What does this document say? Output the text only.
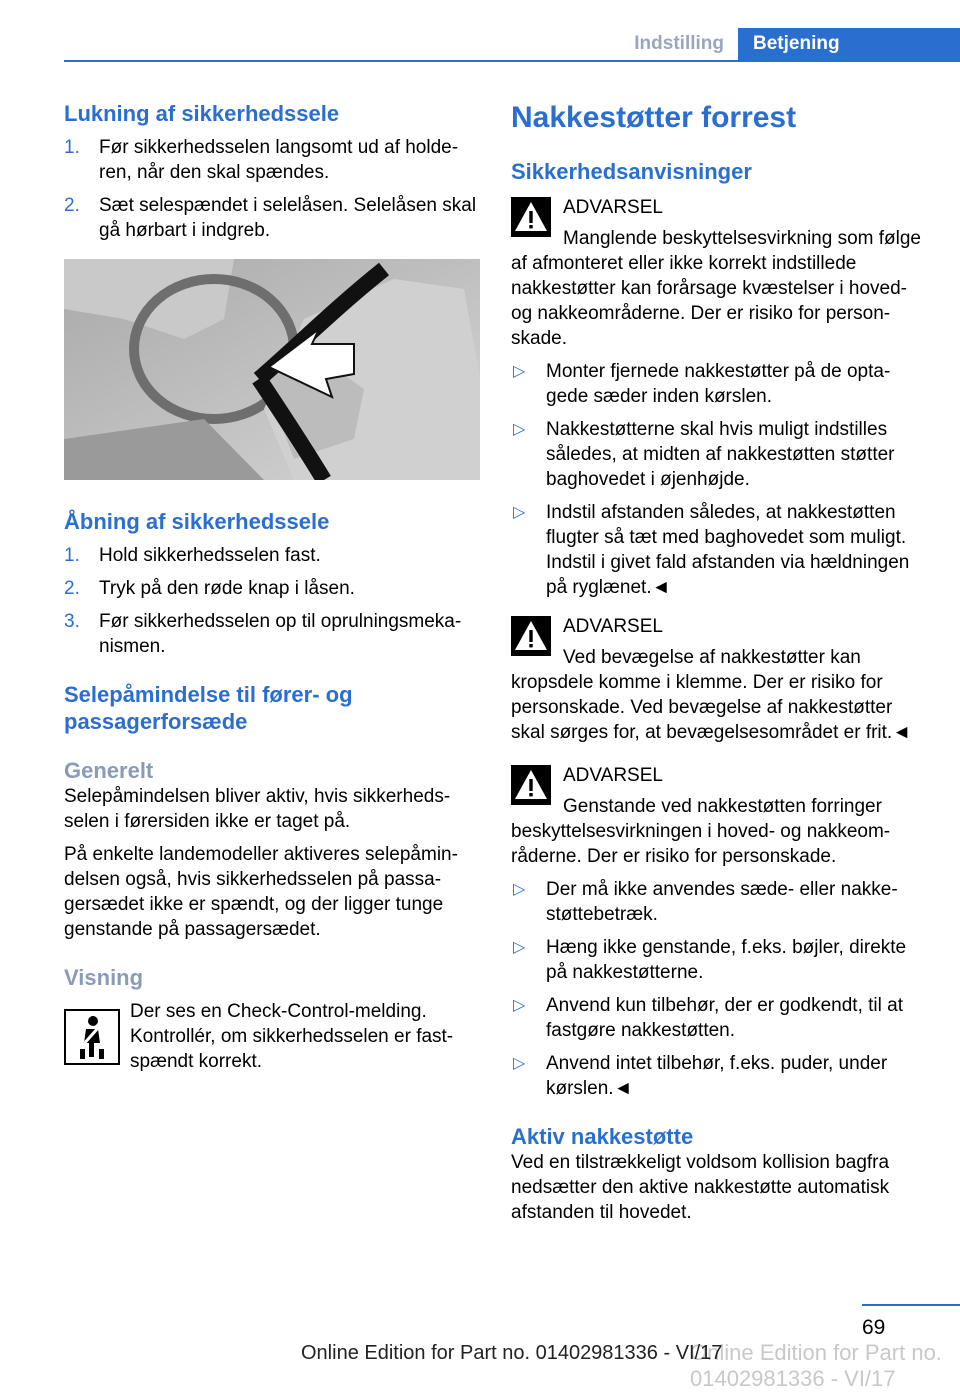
Indstilling	Betjening
Lukning af sikkerhedssele
1. Før sikkerhedsselen langsomt ud af holde-ren, når den skal spændes.
2. Sæt selespændet i selelåsen. Selelåsen skal gå hørbart i indgreb.
Åbning af sikkerhedssele
1. Hold sikkerhedsselen fast.
2. Tryk på den røde knap i låsen.
3. Før sikkerhedsselen op til oprulningsmeka-nismen.
Selepåmindelse til fører- og passagerforsæde
Generelt

Selepåmindelsen bliver aktiv, hvis sikkerheds-selen i førersiden ikke er taget på.

På enkelte landemodeller aktiveres selepåmin-delsen også, hvis sikkerhedsselen på passa-gersædet ikke er spændt, og der ligger tunge genstande på passagersædet.

Visning

Der ses en Check-Control-melding. Kontrollér, om sikkerhedsselen er fast-spændt korrekt.

Nakkestøtter forrest
Sikkerhedsanvisninger
ADVARSEL

Manglende beskyttelsesvirkning som følge af afmonteret eller ikke korrekt indstillede nakkestøtter kan forårsage kvæstelser i hoved- og nakkeområderne. Der er risiko for person-skade.

▷ Monter fjernede nakkestøtter på de opta-gede sæder inden kørslen.
▷ Nakkestøtterne skal hvis muligt indstilles således, at midten af nakkestøtten støtter baghovedet i øjenhøjde.
▷ Indstil afstanden således, at nakkestøtten flugter så tæt med baghovedet som muligt. Indstil i givet fald afstanden via hældningen på ryglænet.◄
ADVARSEL

Ved bevægelse af nakkestøtter kan kropsdele komme i klemme. Der er risiko for personskade. Ved bevægelse af nakkestøtter skal sørges for, at bevægelsesområdet er frit.◄

ADVARSEL

Genstande ved nakkestøtten forringer beskyttelsesvirkningen i hoved- og nakkeom-råderne. Der er risiko for personskade.

▷ Der må ikke anvendes sæde- eller nakke-støttebetræk.
▷ Hæng ikke genstande, f.eks. bøjler, direkte på nakkestøtterne.
▷ Anvend kun tilbehør, der er godkendt, til at fastgøre nakkestøtten.
▷ Anvend intet tilbehør, f.eks. puder, under kørslen.◄
Aktiv nakkestøtte

Ved en tilstrækkeligt voldsom kollision bagfra nedsætter den aktive nakkestøtte automatisk afstanden til hovedet.

69
Online Edition for Part no. 01402981336 - VI/17
Online Edition for Part no. 01402981336 - VI/17
